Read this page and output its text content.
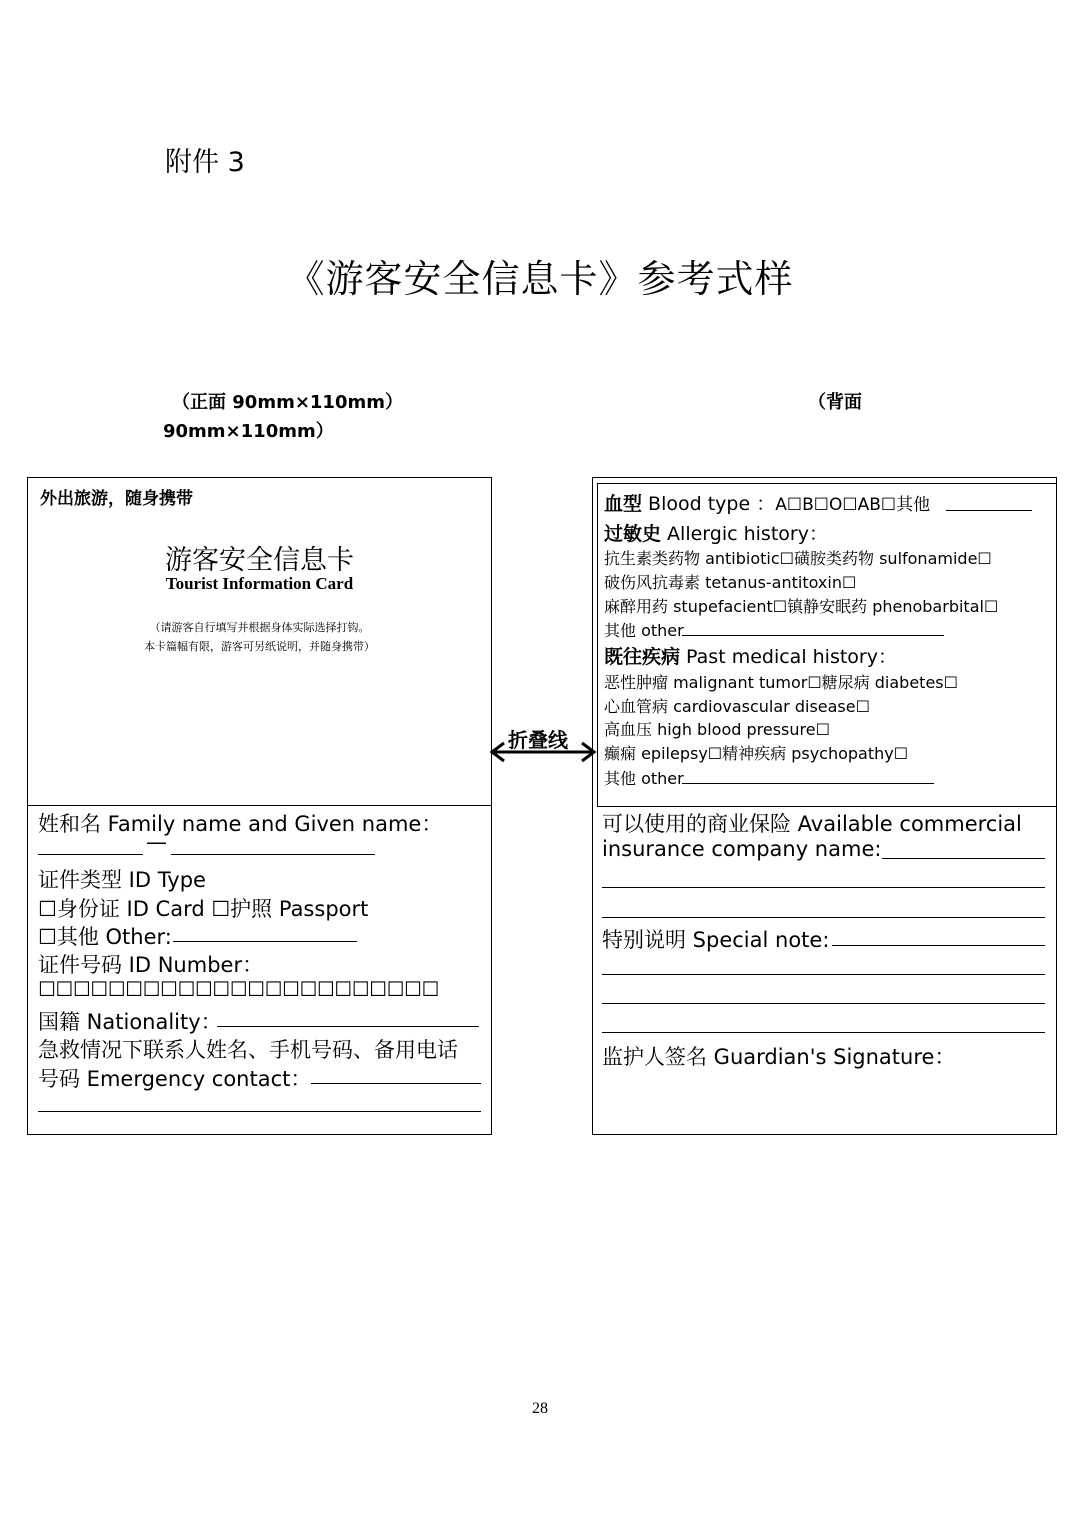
附件 3
《游客安全信息卡》参考式样
（正面 90mm×110mm）
90mm×110mm）
（背面
外出旅游，随身携带
游客安全信息卡
Tourist Information Card
（请游客自行填写并根据身体实际选择打钩。
本卡篇幅有限，游客可另纸说明，并随身携带）
姓和名 Family name and Given name：
—
证件类型 ID Type
☐身份证 ID Card ☐护照 Passport
☐其他 Other:
证件号码 ID Number：
☐☐☐☐☐☐☐☐☐☐☐☐☐☐☐☐☐☐☐☐☐☐☐
国籍 Nationality：
急救情况下联系人姓名、手机号码、备用电话
号码 Emergency contact：
折叠线
血型 Blood type ：A☐B☐O☐AB☐其他
过敏史 Allergic history：
抗生素类药物 antibiotic☐磺胺类药物 sulfonamide☐
破伤风抗毒素 tetanus-antitoxin☐
麻醉用药 stupefacient☐镇静安眠药 phenobarbital☐
其他 other
既往疾病 Past medical history：
恶性肿瘤 malignant tumor☐糖尿病 diabetes☐
心血管病 cardiovascular disease☐
高血压 high blood pressure☐
癫痫 epilepsy☐精神疾病 psychopathy☐
其他 other
可以使用的商业保险 Available commercial
insurance company name:
特别说明 Special note:
监护人签名 Guardian's Signature：
28
